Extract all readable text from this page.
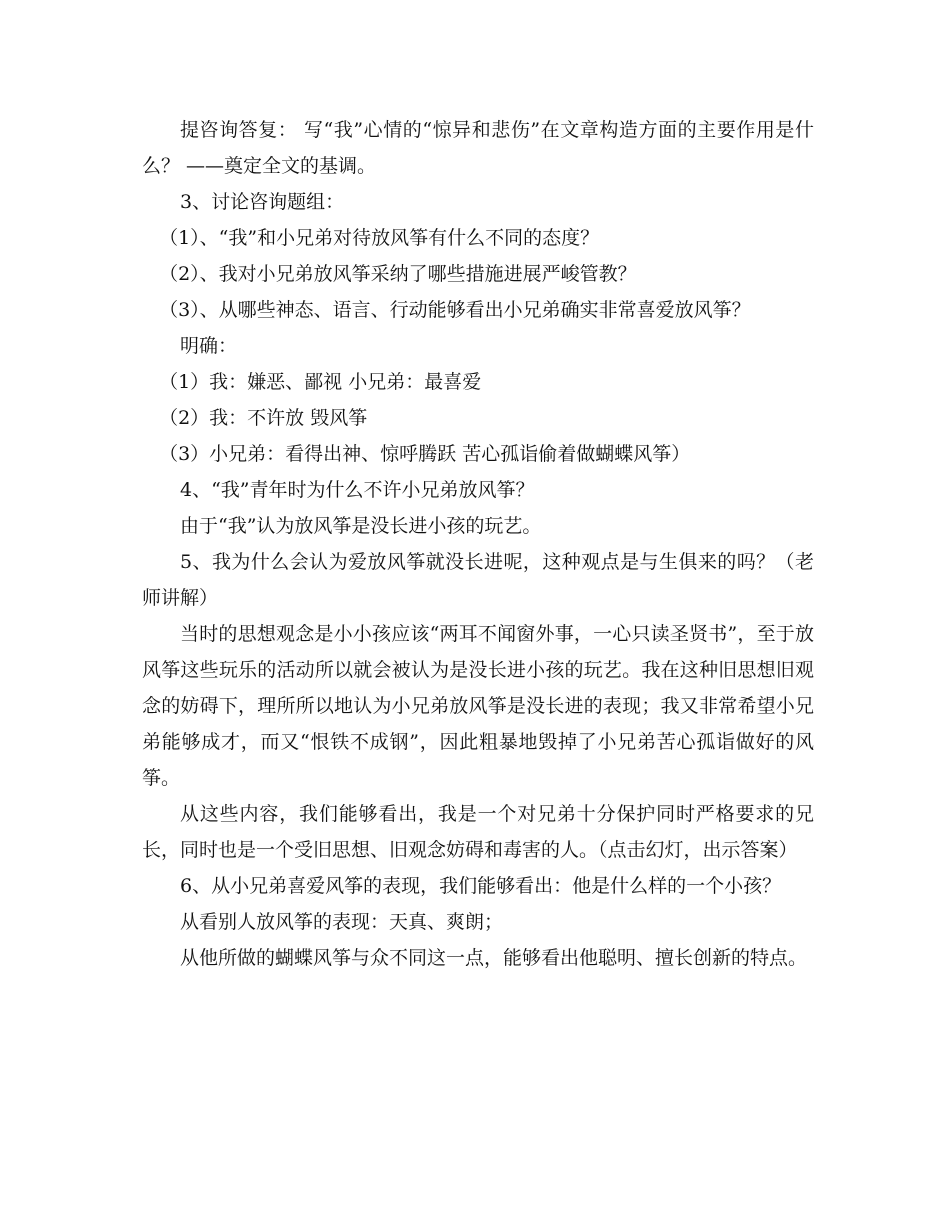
提咨询答复： 写“我”心情的“惊异和悲伤”在文章构造方面的主要作用是什么？ ——奠定全文的基调。

3、讨论咨询题组：

（1）、“我”和小兄弟对待放风筝有什么不同的态度？

（2）、我对小兄弟放风筝采纳了哪些措施进展严峻管教？

（3）、从哪些神态、语言、行动能够看出小兄弟确实非常喜爱放风筝？

明确：

（1）我：嫌恶、鄙视 小兄弟：最喜爱

（2）我：不许放 毁风筝

（3）小兄弟：看得出神、惊呼腾跃 苦心孤诣偷着做蝴蝶风筝）

4、“我”青年时为什么不许小兄弟放风筝？

由于“我”认为放风筝是没长进小孩的玩艺。

5、我为什么会认为爱放风筝就没长进呢，这种观点是与生俱来的吗？（老师讲解）

当时的思想观念是小小孩应该“两耳不闻窗外事，一心只读圣贤书”，至于放风筝这些玩乐的活动所以就会被认为是没长进小孩的玩艺。我在这种旧思想旧观念的妨碍下，理所所以地认为小兄弟放风筝是没长进的表现；我又非常希望小兄弟能够成才，而又“恨铁不成钢”，因此粗暴地毁掉了小兄弟苦心孤诣做好的风筝。

从这些内容，我们能够看出，我是一个对兄弟十分保护同时严格要求的兄长，同时也是一个受旧思想、旧观念妨碍和毒害的人。（点击幻灯，出示答案）

6、从小兄弟喜爱风筝的表现，我们能够看出：他是什么样的一个小孩？

从看别人放风筝的表现：天真、爽朗；

从他所做的蝴蝶风筝与众不同这一点，能够看出他聪明、擅长创新的特点。
